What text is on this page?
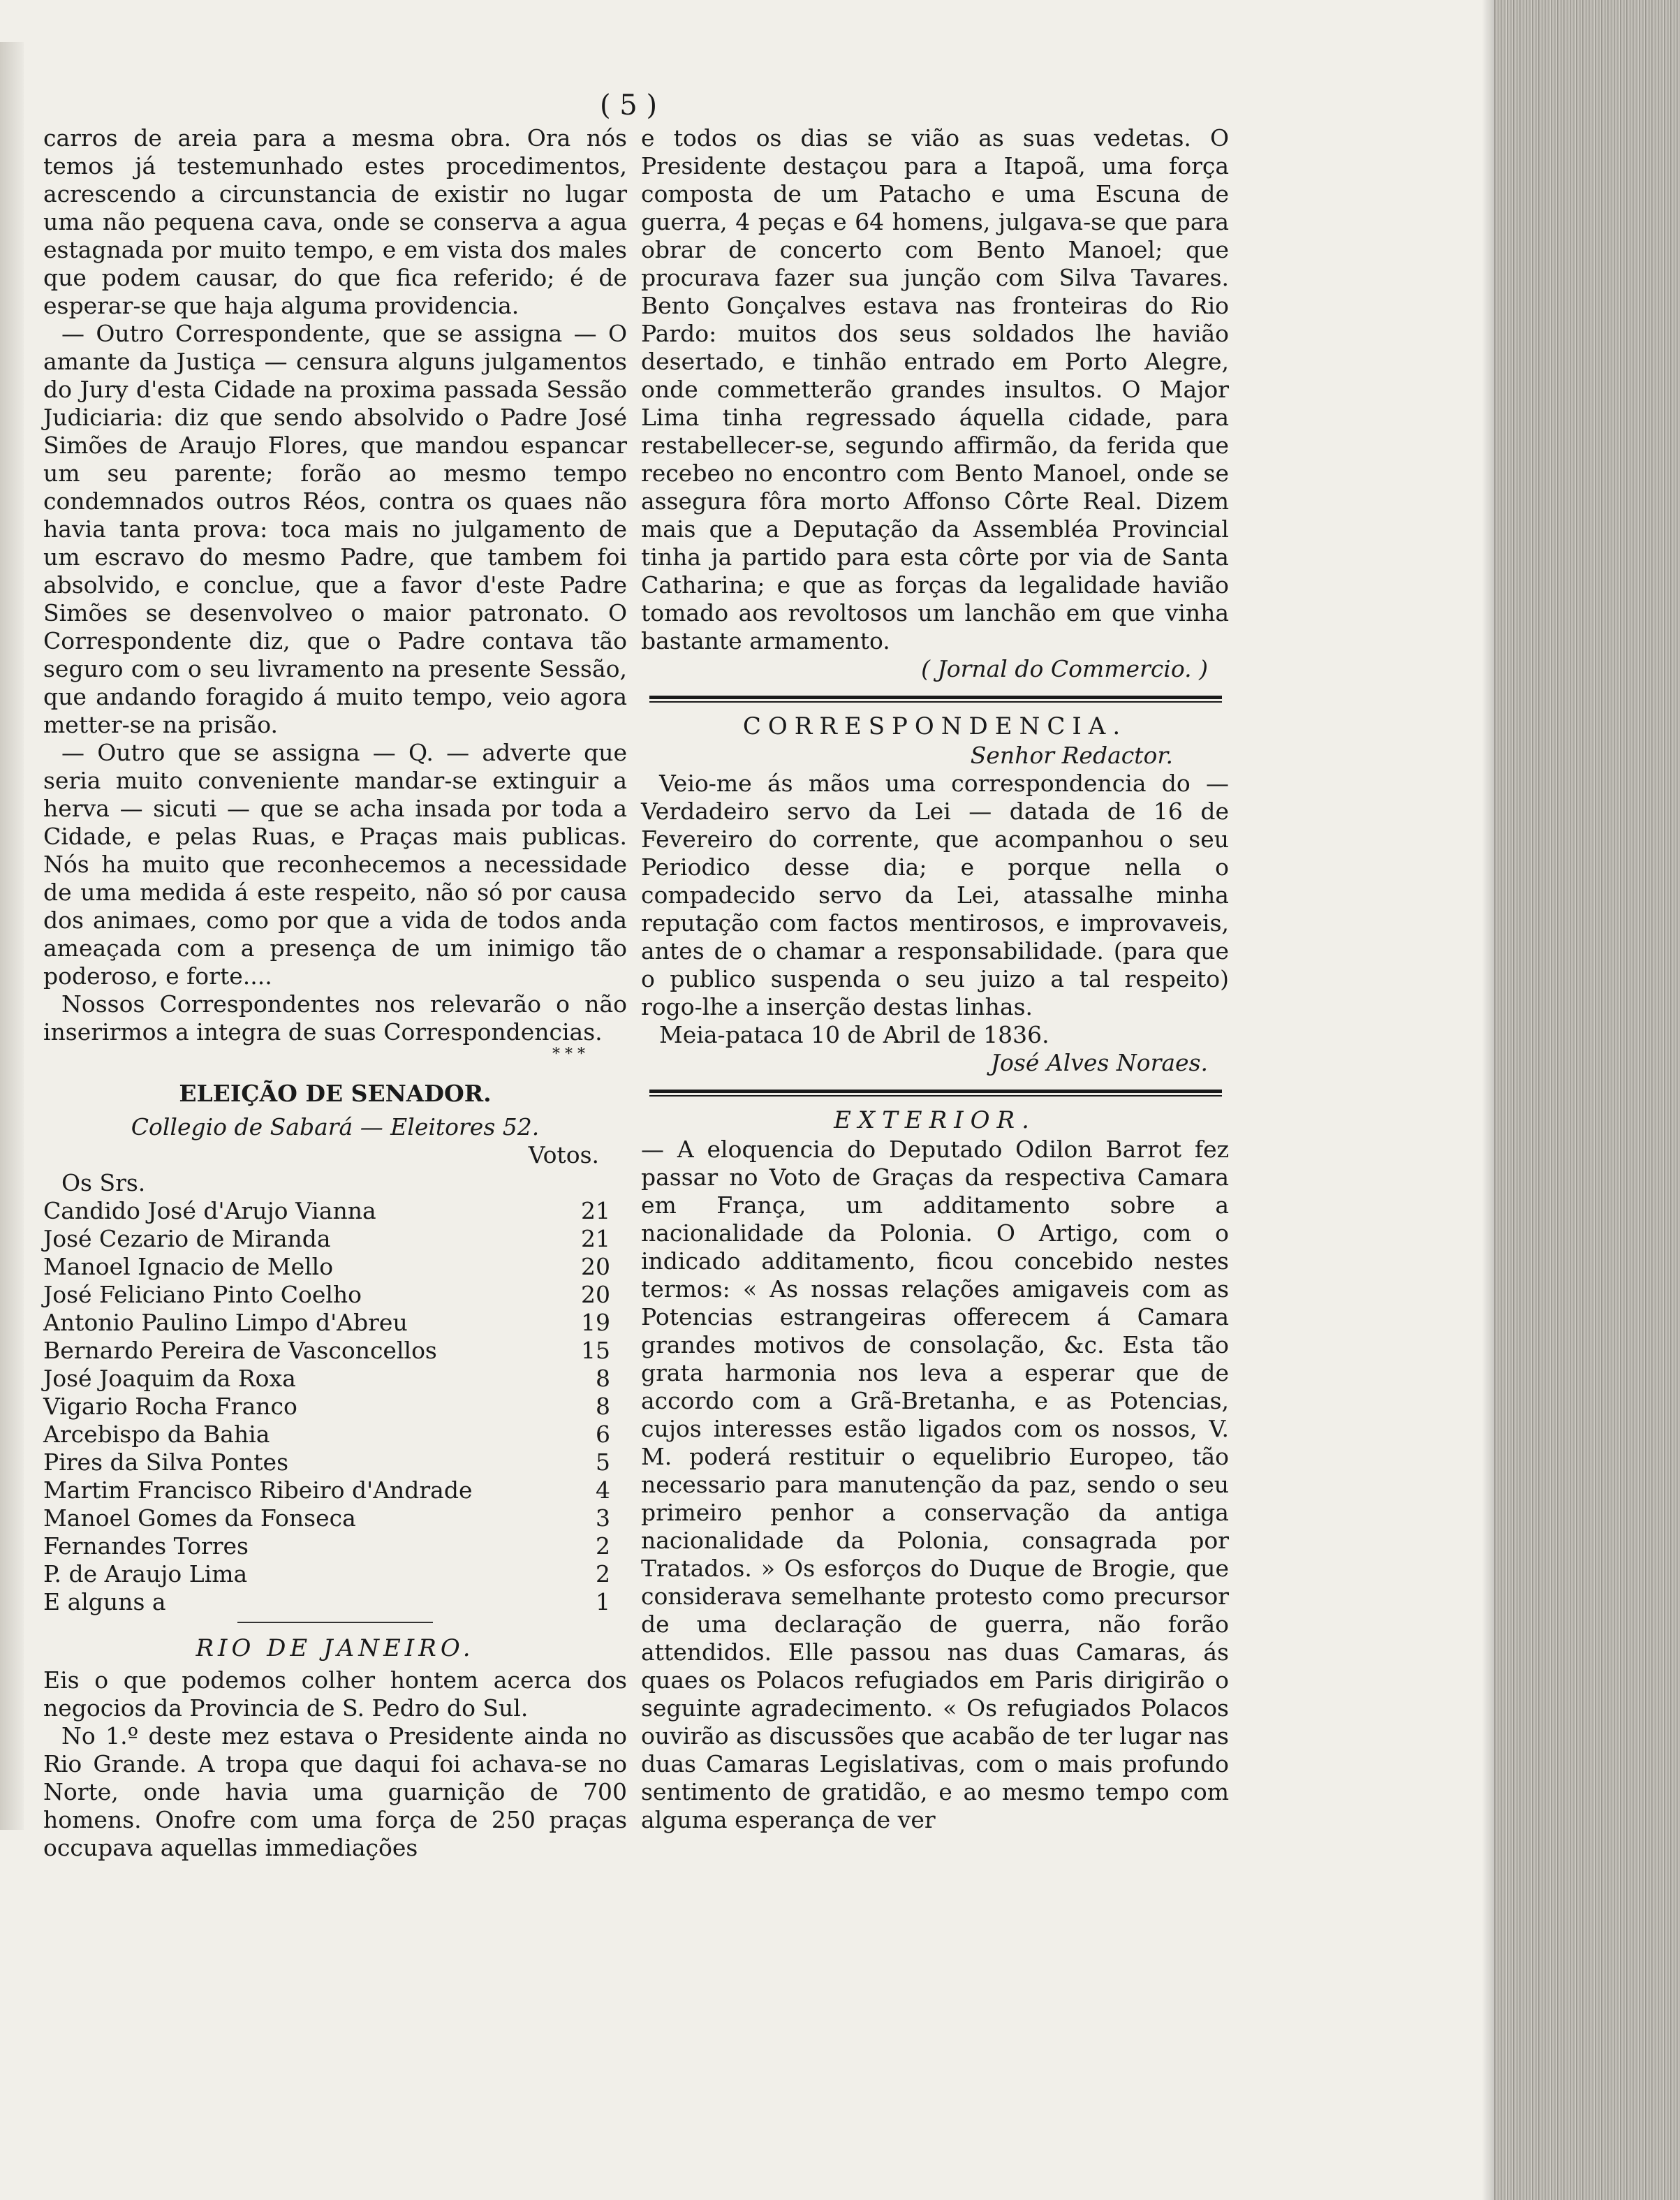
( 5 )

carros de areia para a mesma obra. Ora nós temos já testemunhado estes procedimentos, acrescendo a circunstancia de existir no lugar uma não pequena cava, onde se conserva a agua estagnada por muito tempo, e em vista dos males que podem causar, do que fica referido; é de esperar-se que haja alguma providencia.

— Outro Correspondente, que se assigna — O amante da Justiça — censura alguns julgamentos do Jury d'esta Cidade na proxima passada Sessão Judiciaria: diz que sendo absolvido o Padre José Simões de Araujo Flores, que mandou espancar um seu parente; forão ao mesmo tempo condemnados outros Réos, contra os quaes não havia tanta prova: toca mais no julgamento de um escravo do mesmo Padre, que tambem foi absolvido, e conclue, que a favor d'este Padre Simões se desenvolveo o maior patronato. O Correspondente diz, que o Padre contava tão seguro com o seu livramento na presente Sessão, que andando foragido á muito tempo, veio agora metter-se na prisão.

— Outro que se assigna — Q. — adverte que seria muito conveniente mandar-se extinguir a herva — sicuti — que se acha insada por toda a Cidade, e pelas Ruas, e Praças mais publicas. Nós ha muito que reconhecemos a necessidade de uma medida á este respeito, não só por causa dos animaes, como por que a vida de todos anda ameaçada com a presença de um inimigo tão poderoso, e forte....

Nossos Correspondentes nos relevarão o não inserirmos a integra de suas Correspondencias.

* * *

ELEIÇÃO DE SENADOR.

Collegio de Sabará — Eleitores 52.

Votos.

Os Srs.

Candido José d'Arujo Vianna	21
José Cezario de Miranda	21
Manoel Ignacio de Mello	20
José Feliciano Pinto Coelho	20
Antonio Paulino Limpo d'Abreu	19
Bernardo Pereira de Vasconcellos	15
José Joaquim da Roxa	8
Vigario Rocha Franco	8
Arcebispo da Bahia	6
Pires da Silva Pontes	5
Martim Francisco Ribeiro d'Andrade	4
Manoel Gomes da Fonseca	3
Fernandes Torres	2
P. de Araujo Lima	2
E alguns a	1
RIO DE JANEIRO.

Eis o que podemos colher hontem acerca dos negocios da Provincia de S. Pedro do Sul.

No 1.º deste mez estava o Presidente ainda no Rio Grande. A tropa que daqui foi achava-se no Norte, onde havia uma guarnição de 700 homens. Onofre com uma força de 250 praças occupava aquellas immediações

e todos os dias se vião as suas vedetas. O Presidente destaçou para a Itapoã, uma força composta de um Patacho e uma Escuna de guerra, 4 peças e 64 homens, julgava-se que para obrar de concerto com Bento Manoel; que procurava fazer sua junção com Silva Tavares. Bento Gonçalves estava nas fronteiras do Rio Pardo: muitos dos seus soldados lhe havião desertado, e tinhão entrado em Porto Alegre, onde commetterão grandes insultos. O Major Lima tinha regressado áquella cidade, para restabellecer-se, segundo affirmão, da ferida que recebeo no encontro com Bento Manoel, onde se assegura fôra morto Affonso Côrte Real. Dizem mais que a Deputação da Assembléa Provincial tinha ja partido para esta côrte por via de Santa Catharina; e que as forças da legalidade havião tomado aos revoltosos um lanchão em que vinha bastante armamento.

( Jornal do Commercio. )

CORRESPONDENCIA.

Senhor Redactor.

Veio-me ás mãos uma correspondencia do — Verdadeiro servo da Lei — datada de 16 de Fevereiro do corrente, que acompanhou o seu Periodico desse dia; e porque nella o compadecido servo da Lei, atassalhe minha reputação com factos mentirosos, e improvaveis, antes de o chamar a responsabilidade. (para que o publico suspenda o seu juizo a tal respeito) rogo-lhe a inserção destas linhas.

Meia-pataca 10 de Abril de 1836.

José Alves Noraes.

EXTERIOR.

— A eloquencia do Deputado Odilon Barrot fez passar no Voto de Graças da respectiva Camara em França, um additamento sobre a nacionalidade da Polonia. O Artigo, com o indicado additamento, ficou concebido nestes termos: « As nossas relações amigaveis com as Potencias estrangeiras offerecem á Camara grandes motivos de consolação, &c. Esta tão grata harmonia nos leva a esperar que de accordo com a Grã-Bretanha, e as Potencias, cujos interesses estão ligados com os nossos, V. M. poderá restituir o equelibrio Europeo, tão necessario para manutenção da paz, sendo o seu primeiro penhor a conservação da antiga nacionalidade da Polonia, consagrada por Tratados. » Os esforços do Duque de Brogie, que considerava semelhante protesto como precursor de uma declaração de guerra, não forão attendidos. Elle passou nas duas Camaras, ás quaes os Polacos refugiados em Paris dirigirão o seguinte agradecimento. « Os refugiados Polacos ouvirão as discussões que acabão de ter lugar nas duas Camaras Legislativas, com o mais profundo sentimento de gratidão, e ao mesmo tempo com alguma esperança de ver
